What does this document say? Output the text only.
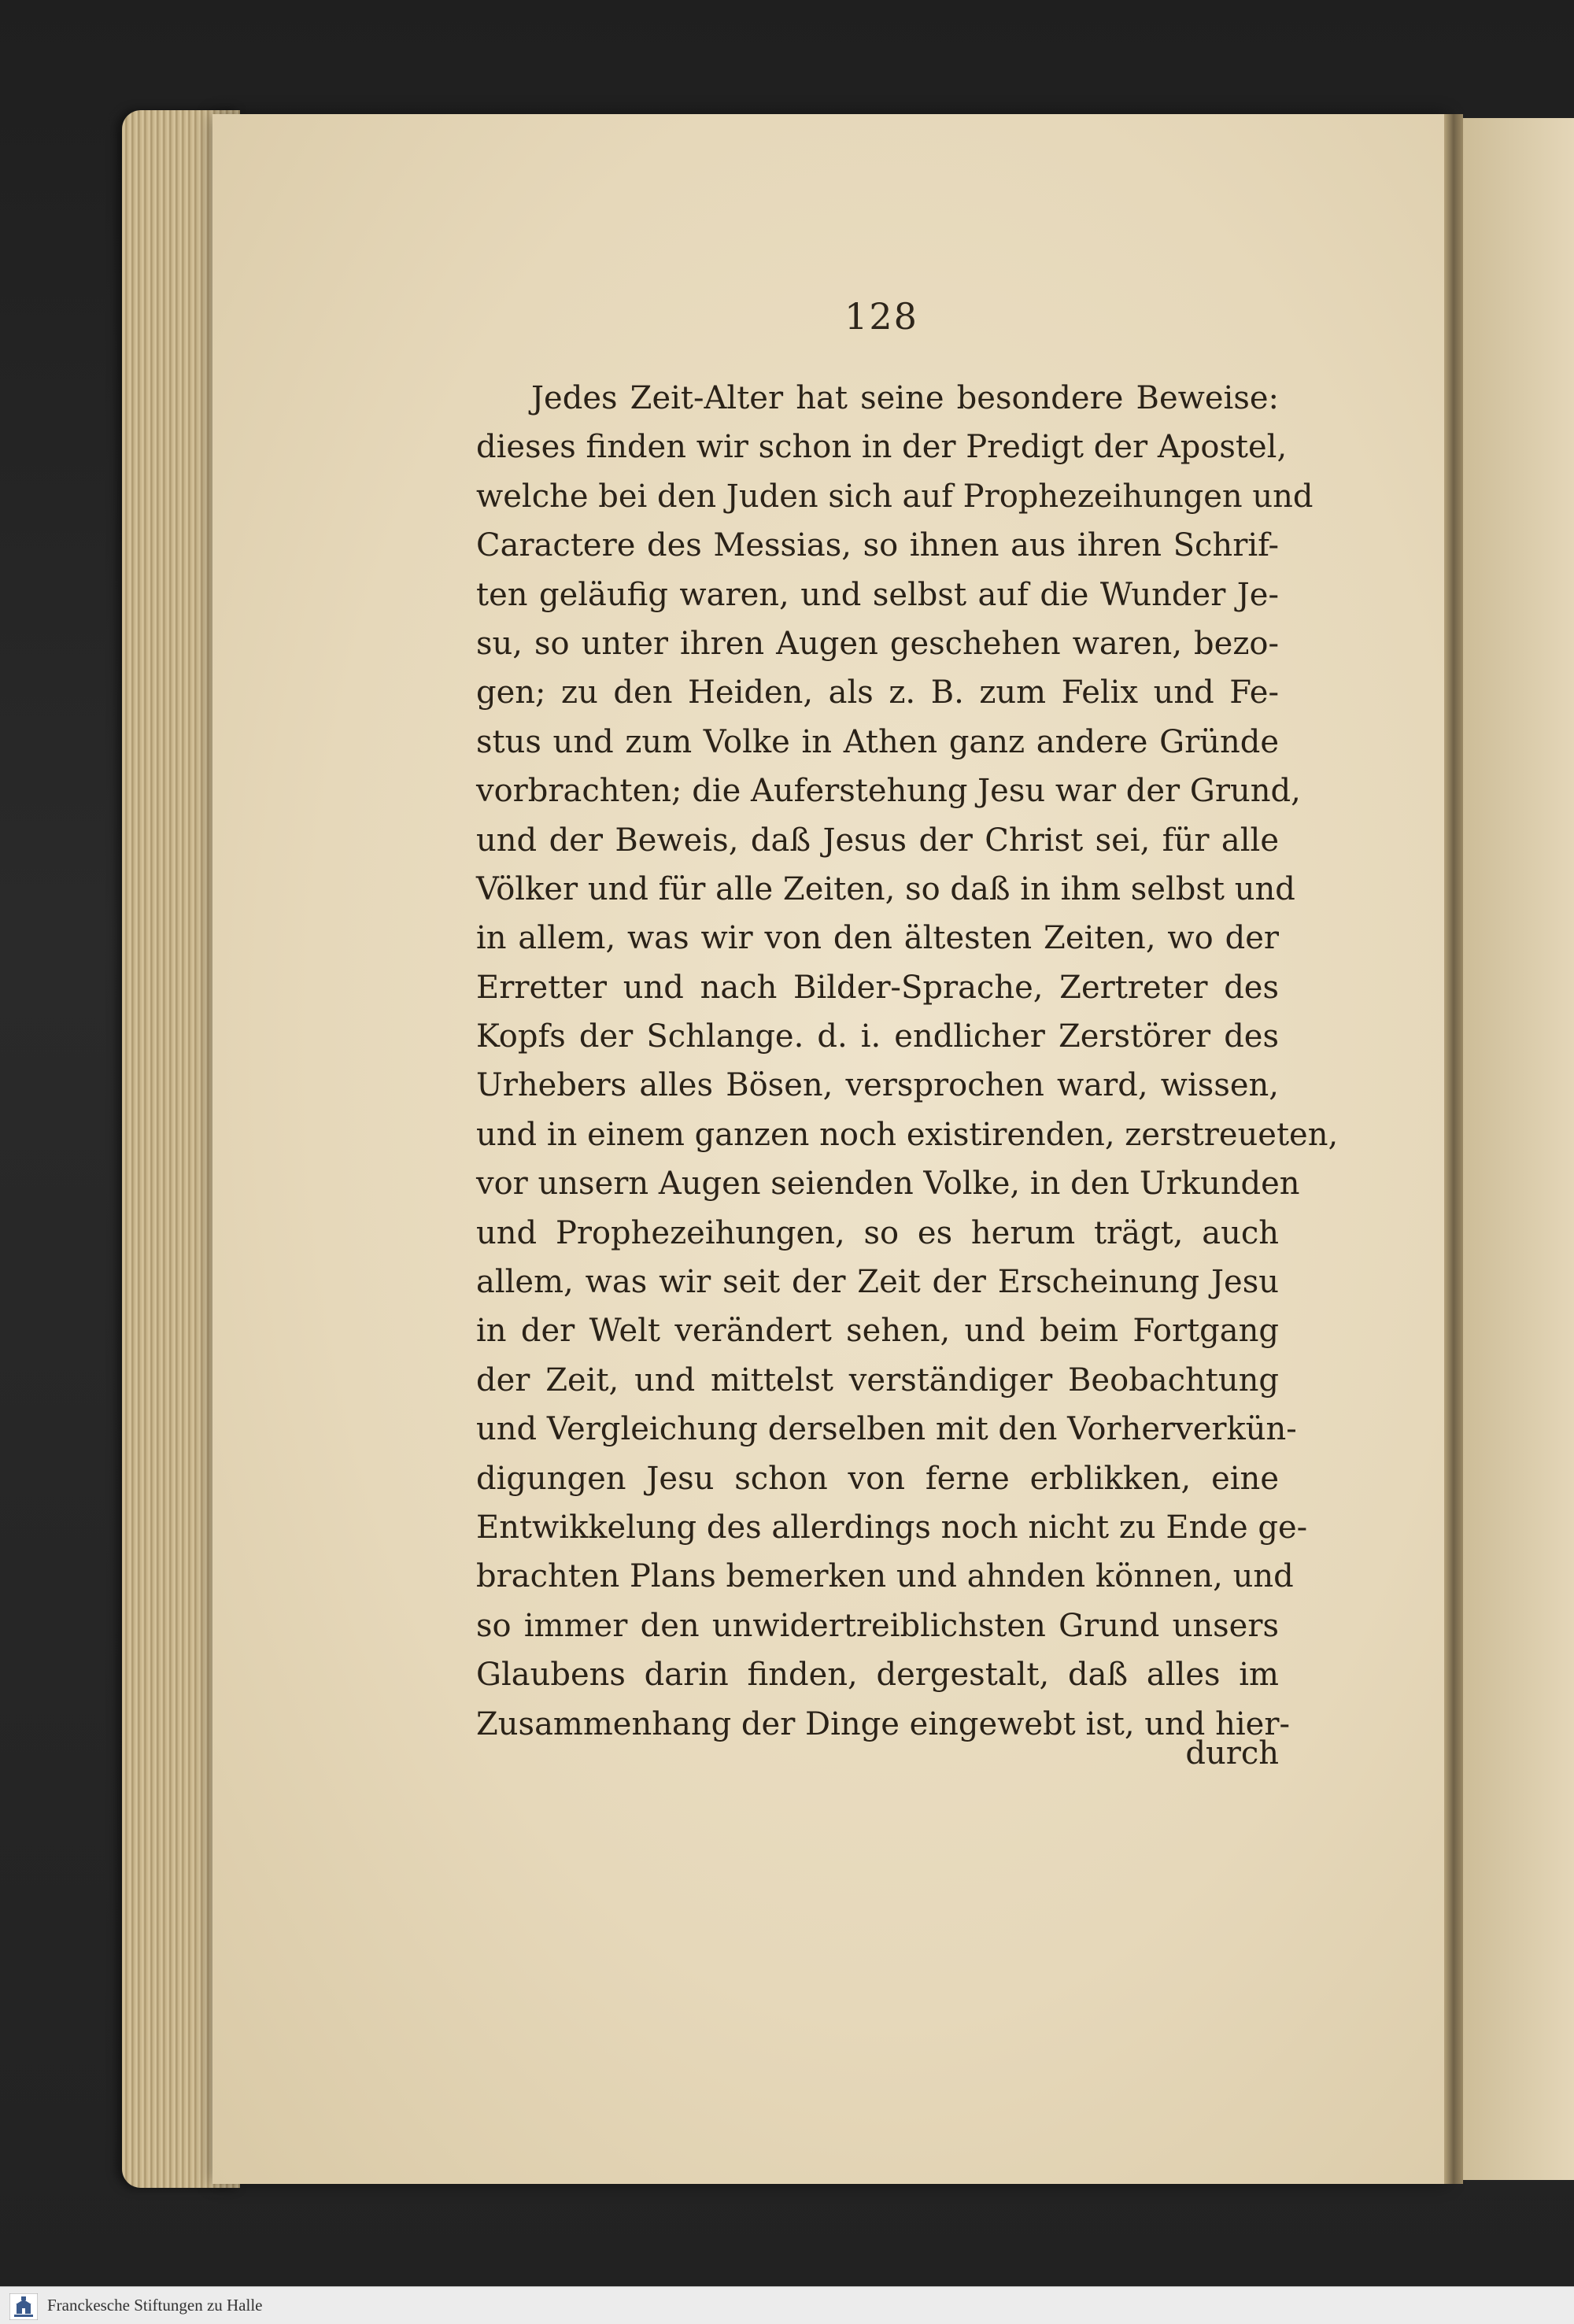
128
Jedes Zeit-Alter hat seine besondere Beweise:
dieses finden wir schon in der Predigt der Apostel,
welche bei den Juden sich auf Prophezeihungen und
Caractere des Messias, so ihnen aus ihren Schrif-
ten geläufig waren, und selbst auf die Wunder Je-
su, so unter ihren Augen geschehen waren, bezo-
gen; zu den Heiden, als z. B. zum Felix und Fe-
stus und zum Volke in Athen ganz andere Gründe
vorbrachten; die Auferstehung Jesu war der Grund,
und der Beweis, daß Jesus der Christ sei, für alle
Völker und für alle Zeiten, so daß in ihm selbst und
in allem, was wir von den ältesten Zeiten, wo der
Erretter und nach Bilder-Sprache, Zertreter des
Kopfs der Schlange. d. i. endlicher Zerstörer des
Urhebers alles Bösen, versprochen ward, wissen,
und in einem ganzen noch existirenden, zerstreueten,
vor unsern Augen seienden Volke, in den Urkunden
und Prophezeihungen, so es herum trägt, auch
allem, was wir seit der Zeit der Erscheinung Jesu
in der Welt verändert sehen, und beim Fortgang
der Zeit, und mittelst verständiger Beobachtung
und Vergleichung derselben mit den Vorherverkün-
digungen Jesu schon von ferne erblikken, eine
Entwikkelung des allerdings noch nicht zu Ende ge-
brachten Plans bemerken und ahnden können, und
so immer den unwidertreiblichsten Grund unsers
Glaubens darin finden, dergestalt, daß alles im
Zusammenhang der Dinge eingewebt ist, und hier-
durch
Franckesche Stiftungen zu Halle
